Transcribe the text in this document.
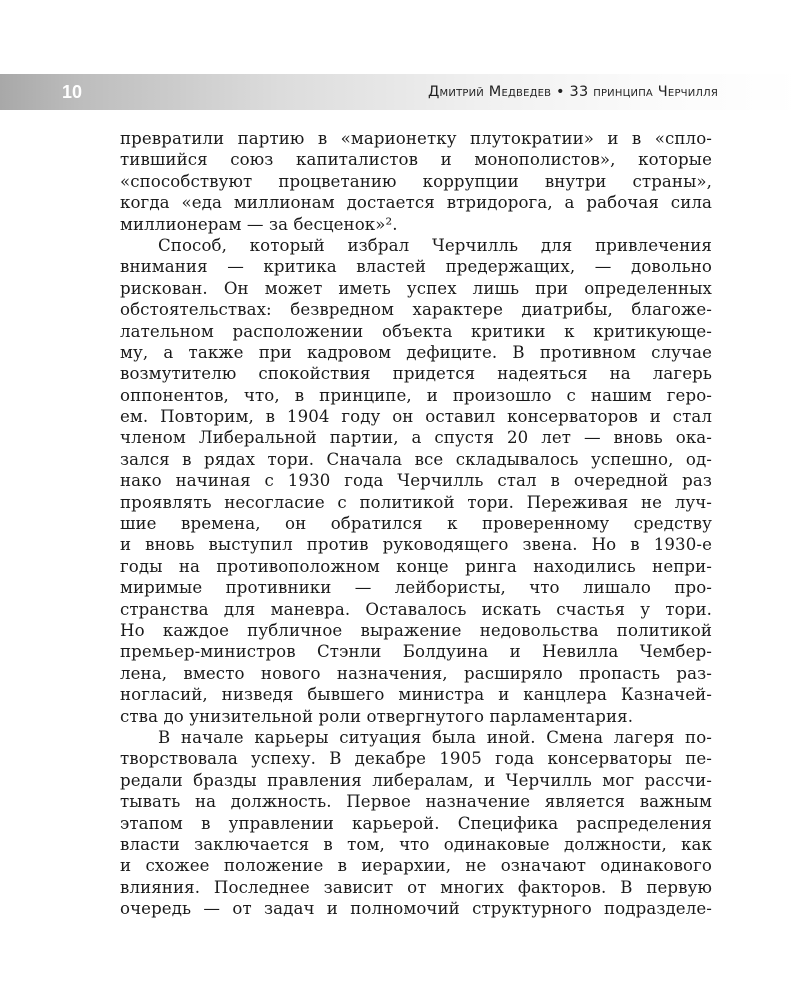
10	Дмитрий Медведев • 33 принципа Черчилля
превратили партию в «марионетку плутократии» и в «спло-
тившийся союз капиталистов и монополистов», которые
«способствуют процветанию коррупции внутри страны»,
когда «еда миллионам достается втридорога, а рабочая сила
миллионерам — за бесценок»².
Способ, который избрал Черчилль для привлечения
внимания — критика властей предержащих, — довольно
рискован. Он может иметь успех лишь при определенных
обстоятельствах: безвредном характере диатрибы, благоже-
лательном расположении объекта критики к критикующе-
му, а также при кадровом дефиците. В противном случае
возмутителю спокойствия придется надеяться на лагерь
оппонентов, что, в принципе, и произошло с нашим геро-
ем. Повторим, в 1904 году он оставил консерваторов и стал
членом Либеральной партии, а спустя 20 лет — вновь ока-
зался в рядах тори. Сначала все складывалось успешно, од-
нако начиная с 1930 года Черчилль стал в очередной раз
проявлять несогласие с политикой тори. Переживая не луч-
шие времена, он обратился к проверенному средству
и вновь выступил против руководящего звена. Но в 1930-е
годы на противоположном конце ринга находились непри-
миримые противники — лейбористы, что лишало про-
странства для маневра. Оставалось искать счастья у тори.
Но каждое публичное выражение недовольства политикой
премьер-министров Стэнли Болдуина и Невилла Чембер-
лена, вместо нового назначения, расширяло пропасть раз-
ногласий, низведя бывшего министра и канцлера Казначей-
ства до унизительной роли отвергнутого парламентария.
В начале карьеры ситуация была иной. Смена лагеря по-
творствовала успеху. В декабре 1905 года консерваторы пе-
редали бразды правления либералам, и Черчилль мог рассчи-
тывать на должность. Первое назначение является важным
этапом в управлении карьерой. Специфика распределения
власти заключается в том, что одинаковые должности, как
и схожее положение в иерархии, не означают одинакового
влияния. Последнее зависит от многих факторов. В первую
очередь — от задач и полномочий структурного подразделе-
